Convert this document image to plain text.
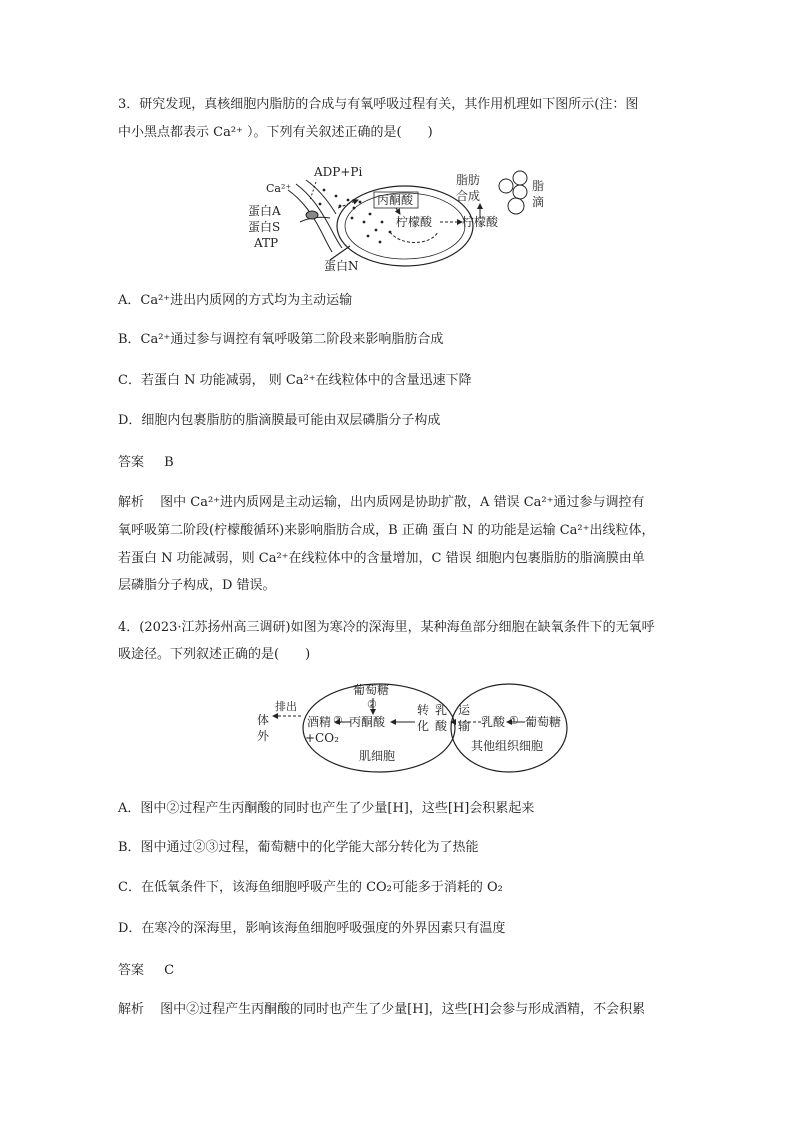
3．研究发现，真核细胞内脂肪的合成与有氧呼吸过程有关，其作用机理如下图所示(注：图
中小黑点都表示 Ca²⁺ ）。下列有关叙述正确的是(　　)
ADP+Pi
Ca²⁺
蛋白A
蛋白S
ATP
丙酮酸
柠檬酸 柠檬酸
蛋白N
脂肪
合成
脂
滴
A．Ca²⁺进出内质网的方式均为主动运输
B．Ca²⁺通过参与调控有氧呼吸第二阶段来影响脂肪合成
C．若蛋白 N 功能减弱， 则 Ca²⁺在线粒体中的含量迅速下降
D．细胞内包裹脂肪的脂滴膜最可能由双层磷脂分子构成
答案 B
解析 图中 Ca²⁺进内质网是主动运输，出内质网是协助扩散，A 错误 Ca²⁺通过参与调控有
氧呼吸第二阶段(柠檬酸循环)来影响脂肪合成，B 正确 蛋白 N 的功能是运输 Ca²⁺出线粒体，
若蛋白 N 功能减弱，则 Ca²⁺在线粒体中的含量增加，C 错误 细胞内包裹脂肪的脂滴膜由单
层磷脂分子构成，D 错误。
4．(2023·江苏扬州高三调研)如图为寒冷的深海里，某种海鱼部分细胞在缺氧条件下的无氧呼
吸途径。下列叙述正确的是(　　)
体
外
排出
酒精
+CO₂
③ 丙酮酸
葡萄糖
②	转
化
乳
酸
肌细胞
运
输 乳酸 ① 葡萄糖
其他组织细胞
A．图中②过程产生丙酮酸的同时也产生了少量[H]，这些[H]会积累起来
B．图中通过②③过程，葡萄糖中的化学能大部分转化为了热能
C．在低氧条件下，该海鱼细胞呼吸产生的 CO₂可能多于消耗的 O₂
D．在寒冷的深海里，影响该海鱼细胞呼吸强度的外界因素只有温度
答案 C
解析 图中②过程产生丙酮酸的同时也产生了少量[H]，这些[H]会参与形成酒精，不会积累
